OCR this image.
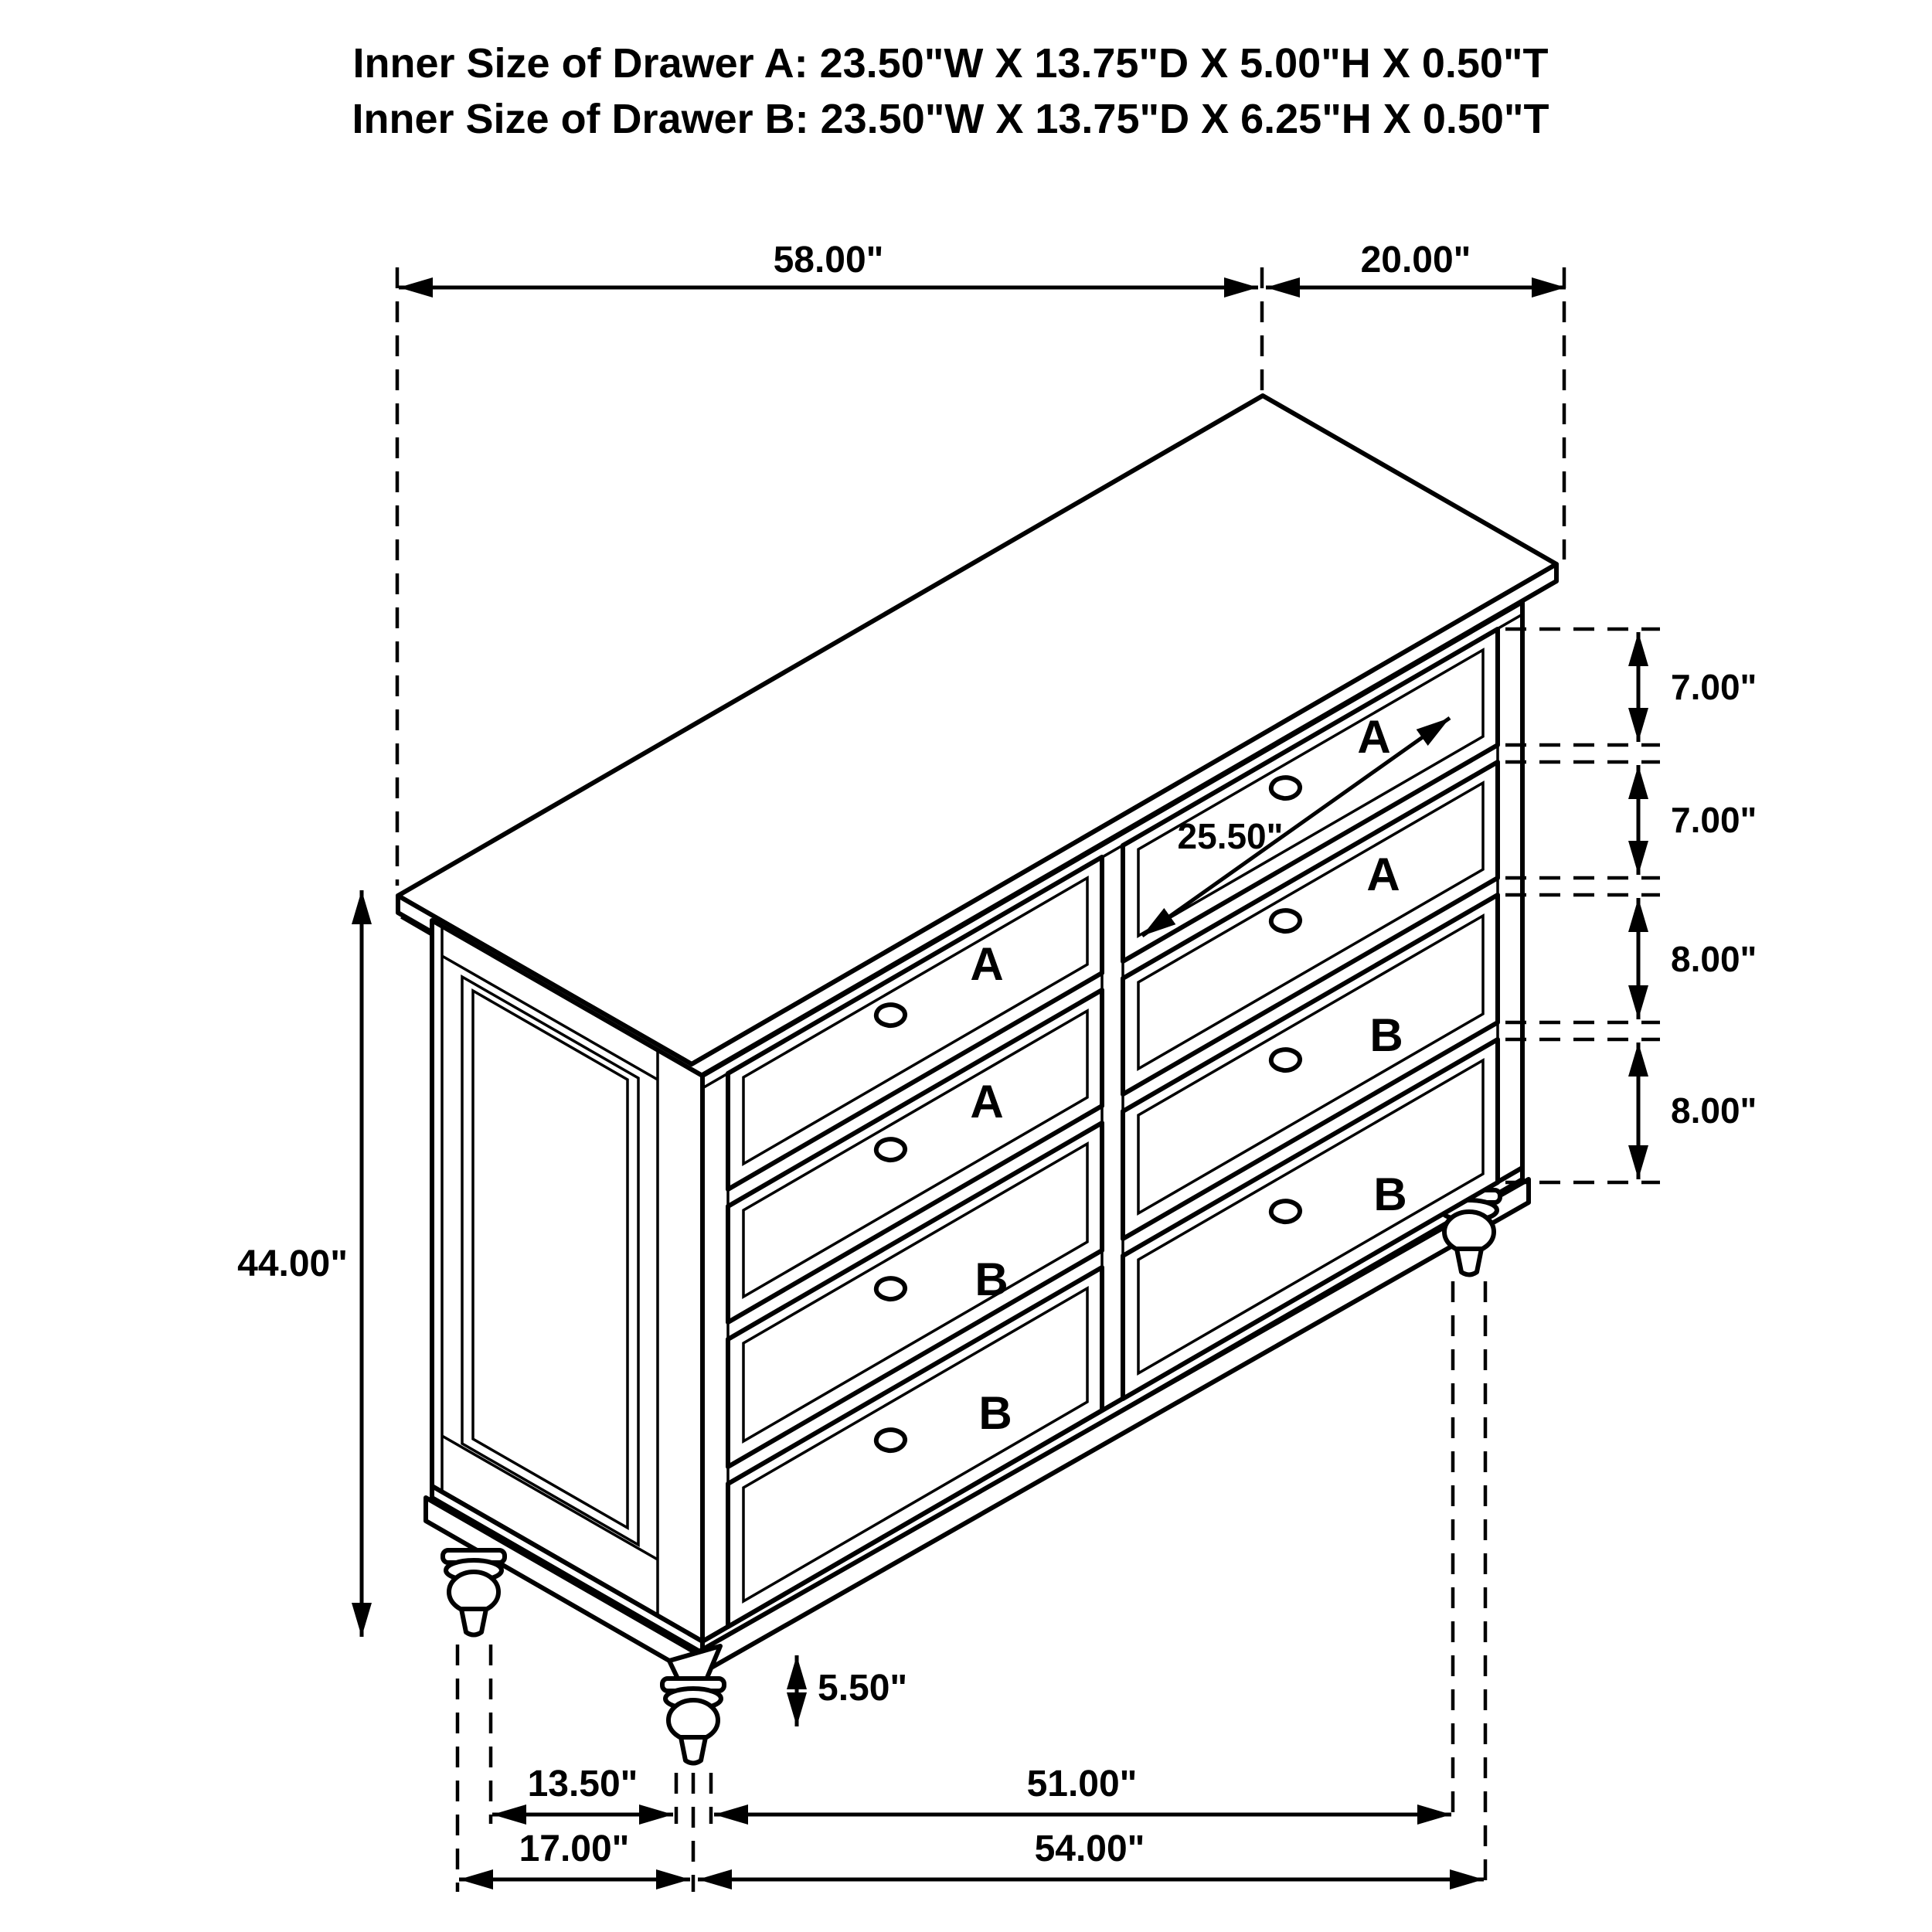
Inner Size of Drawer A: 23.50"W X 13.75"D X 5.00"H X 0.50"T
Inner Size of Drawer B: 23.50"W X 13.75"D X 6.25"H X 0.50"T
A
A
B
B
A
A
B
B
58.00"	20.00"
7.00"
7.00"
8.00"
8.00"
44.00"
25.50"
5.50"
13.50"	51.00"
17.00"	54.00"
